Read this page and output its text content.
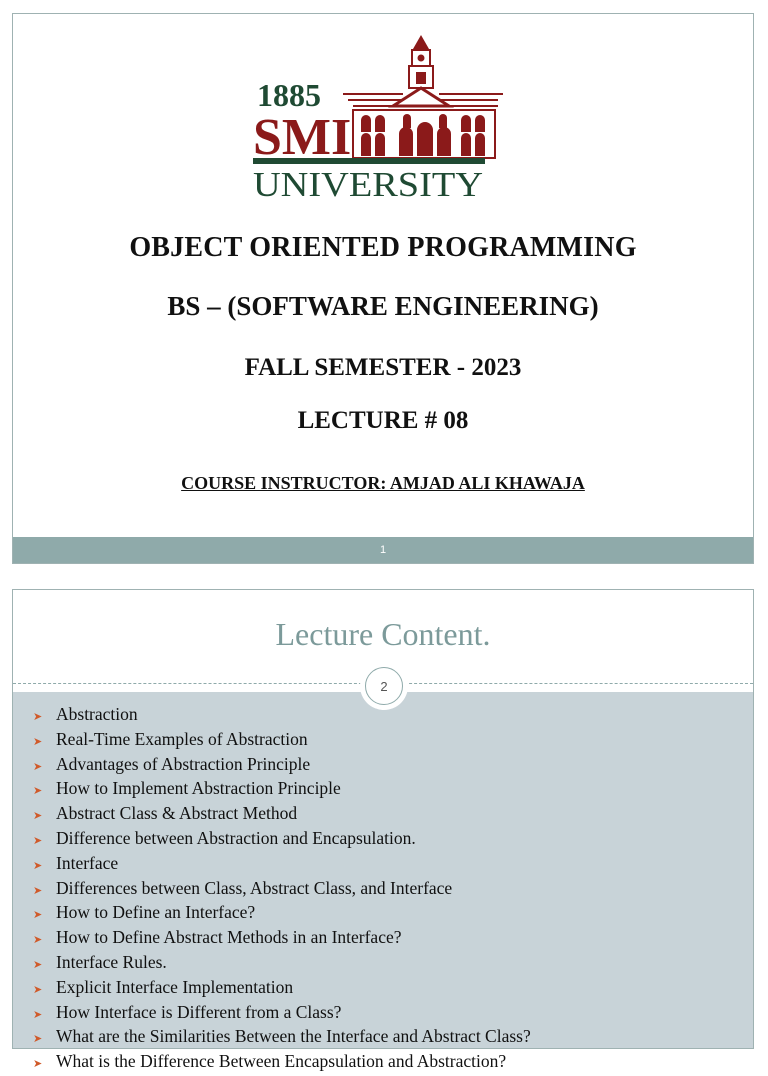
1885
SMI
UNIVERSITY
OBJECT ORIENTED PROGRAMMING
BS – (SOFTWARE ENGINEERING)
FALL SEMESTER - 2023
LECTURE # 08
COURSE INSTRUCTOR: AMJAD ALI KHAWAJA
1
Lecture Content.
2
➤ Abstraction
➤ Real-Time Examples of Abstraction
➤ Advantages of Abstraction Principle
➤ How to Implement Abstraction Principle
➤ Abstract Class & Abstract Method
➤ Difference between Abstraction and Encapsulation.
➤ Interface
➤ Differences between Class, Abstract Class, and Interface
➤ How to Define an Interface?
➤ How to Define Abstract Methods in an Interface?
➤ Interface Rules.
➤ Explicit Interface Implementation
➤ How Interface is Different from a Class?
➤ What are the Similarities Between the Interface and Abstract Class?
➤ What is the Difference Between Encapsulation and Abstraction?
